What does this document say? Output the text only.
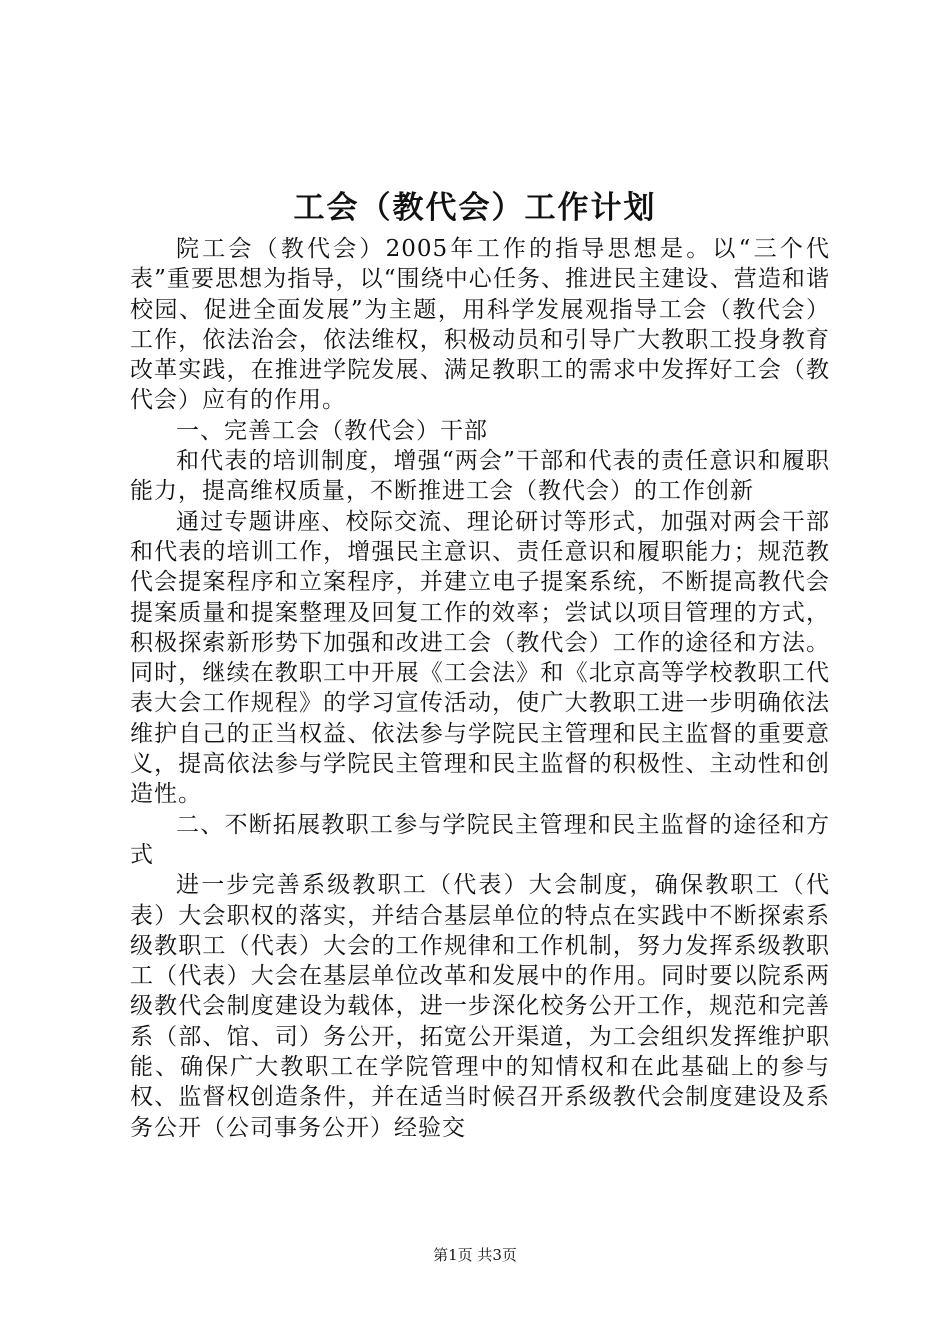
工会（教代会）工作计划

院工会（教代会）2005年工作的指导思想是。以“三个代表”重要思想为指导，以“围绕中心任务、推进民主建设、营造和谐校园、促进全面发展”为主题，用科学发展观指导工会（教代会）工作，依法治会，依法维权，积极动员和引导广大教职工投身教育改革实践，在推进学院发展、满足教职工的需求中发挥好工会（教代会）应有的作用。

一、完善工会（教代会）干部

和代表的培训制度，增强“两会”干部和代表的责任意识和履职能力，提高维权质量，不断推进工会（教代会）的工作创新

通过专题讲座、校际交流、理论研讨等形式，加强对两会干部和代表的培训工作，增强民主意识、责任意识和履职能力；规范教代会提案程序和立案程序，并建立电子提案系统，不断提高教代会提案质量和提案整理及回复工作的效率；尝试以项目管理的方式，积极探索新形势下加强和改进工会（教代会）工作的途径和方法。同时，继续在教职工中开展《工会法》和《北京高等学校教职工代表大会工作规程》的学习宣传活动，使广大教职工进一步明确依法维护自己的正当权益、依法参与学院民主管理和民主监督的重要意义，提高依法参与学院民主管理和民主监督的积极性、主动性和创造性。

二、不断拓展教职工参与学院民主管理和民主监督的途径和方式

进一步完善系级教职工（代表）大会制度，确保教职工（代表）大会职权的落实，并结合基层单位的特点在实践中不断探索系级教职工（代表）大会的工作规律和工作机制，努力发挥系级教职工（代表）大会在基层单位改革和发展中的作用。同时要以院系两级教代会制度建设为载体，进一步深化校务公开工作，规范和完善系（部、馆、司）务公开，拓宽公开渠道，为工会组织发挥维护职能、确保广大教职工在学院管理中的知情权和在此基础上的参与权、监督权创造条件，并在适当时候召开系级教代会制度建设及系务公开（公司事务公开）经验交

第1页 共3页
